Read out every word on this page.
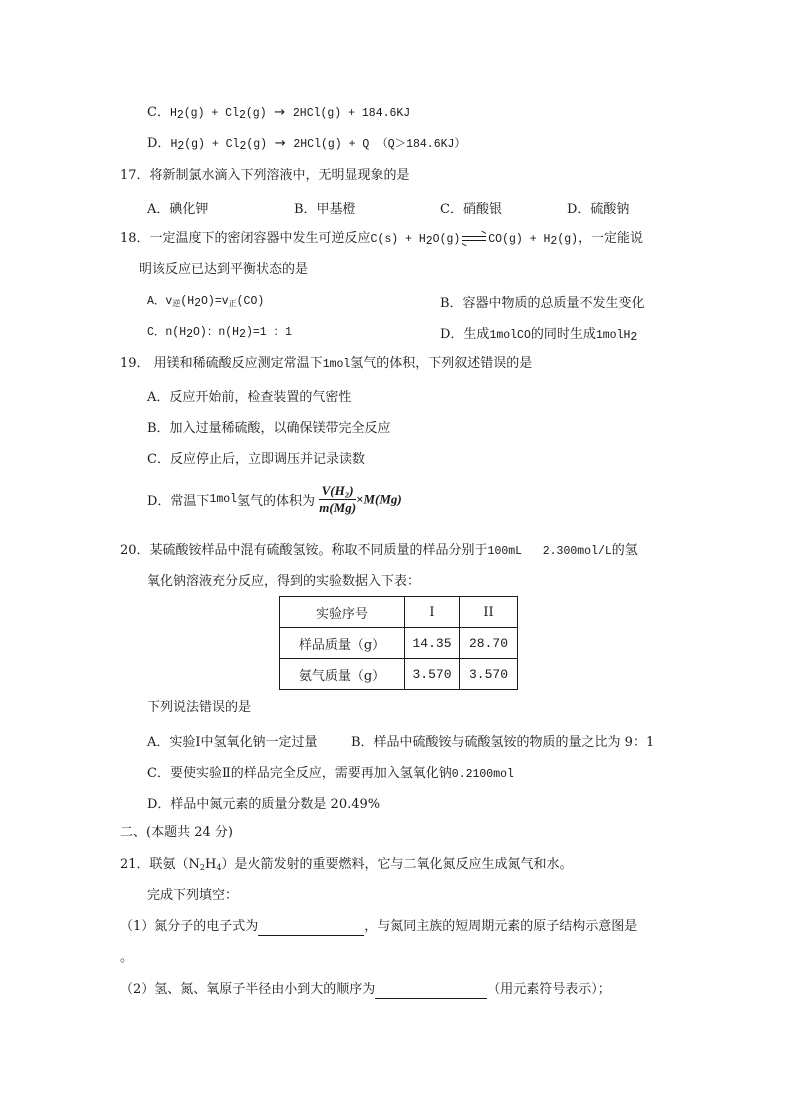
C．$H_2(g) + Cl_2(g) \to 2HCl(g) + 184.6KJ$
D．$H_2(g) + Cl_2(g) \to 2HCl(g) + Q$ （Q＞184.6KJ）
17．将新制氯水滴入下列溶液中，无明显现象的是
A．碘化钾	B．甲基橙	C．硝酸银	D．硫酸钠
18．一定温度下的密闭容器中发生可逆反应$C(s) + H_2O(g) CO(g) + H_2(g)$，一定能说
明该反应已达到平衡状态的是
A．$v_逆(H_2O)=v_正(CO)$	B．容器中物质的总质量不发生变化
C．$n(H_2O)$：$n(H_2)=1$ ：1	D．生成1molCO的同时生成1molH$_2$
19． 用镁和稀硫酸反应测定常温下1mol氢气的体积，下列叙述错误的是
A．反应开始前，检查装置的气密性
B．加入过量稀硫酸，以确保镁带完全反应
C．反应停止后，立即调压并记录读数
D．常温下1mol氢气的体积为 $\frac{\text{V(H₂)}}{m(Mg)} \times M(Mg)$
20．某硫酸铵样品中混有硫酸氢铵。称取不同质量的样品分别于100mL   2.300mol/L的氢
氧化钠溶液充分反应，得到的实验数据入下表：
实验序号	I	II
样品质量（g）	14.35	28.70
氨气质量（g）	3.570	3.570
下列说法错误的是
A．实验Ⅰ中氢氧化钠一定过量	B．样品中硫酸铵与硫酸氢铵的物质的量之比为 9：1
C．要使实验Ⅱ的样品完全反应，需要再加入氢氧化钠0.2100mol
D．样品中氮元素的质量分数是 20.49%
二、(本题共 24 分)
21．联氨$(N_2H_4)$是火箭发射的重要燃料，它与二氧化氮反应生成氮气和水。
完成下列填空：
（1）氮分子的电子式为	，与氮同主族的短周期元素的原子结构示意图是
。
（2）氢、氮、氧原子半径由小到大的顺序为	（用元素符号表示）；
